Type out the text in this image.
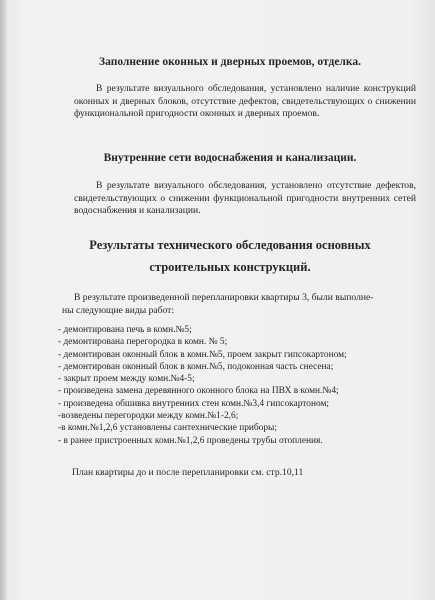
Заполнение оконных и дверных проемов, отделка.

В результате визуального обследования, установлено наличие конструкций оконных и дверных блоков, отсутствие дефектов, свидетельствующих о снижении функциональной пригодности оконных и дверных проемов.

Внутренние сети водоснабжения и канализации.

В результате визуального обследования, установлено отсутствие дефектов, свидетельствующих о снижении функциональной пригодности внутренних сетей водоснабжения и канализации.

Результаты технического обследования основных
строительных конструкций.
В результате произведенной перепланировки квартиры 3, были выполне-
ны следующие виды работ:
- демонтирована печь в комн.№5;
- демонтирована перегородка в комн. № 5;
- демонтирован оконный блок в комн.№5, проем закрыт гипсокартоном;
- демонтирован оконный блок в комн.№5, подоконная часть снесена;
- закрыт проем между комн.№4-5;
- произведена замена деревянного оконного блока на ПВХ в комн.№4;
- произведена обшивка внутренних стен комн.№3,4 гипсокартоном;
-возведены перегородки между комн.№1-2,6;
-в комн.№1,2,6 установлены сантехнические приборы;
- в ранее пристроенных комн.№1,2,6 проведены трубы отопления.

План квартиры до и после перепланировки см. стр.10,11
